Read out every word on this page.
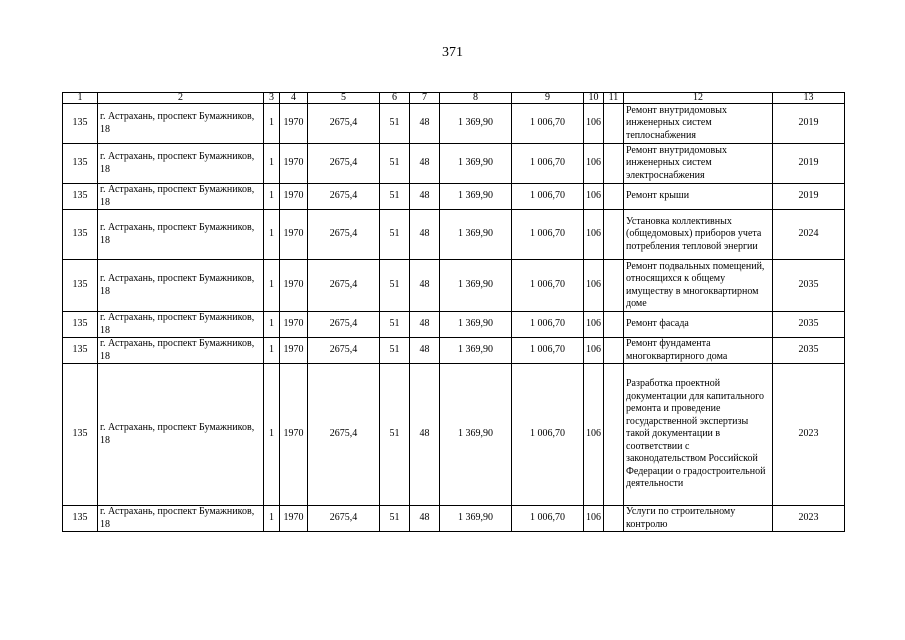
371
1	2	3	4	5	6	7	8	9	10	11	12	13
135	г. Астрахань, проспект Бумажников, 18	1	1970	2675,4	51	48	1 369,90	1 006,70	106		Ремонт внутридомовых инженерных систем теплоснабжения	2019
135	г. Астрахань, проспект Бумажников, 18	1	1970	2675,4	51	48	1 369,90	1 006,70	106		Ремонт внутридомовых инженерных систем электроснабжения	2019
135	г. Астрахань, проспект Бумажников, 18	1	1970	2675,4	51	48	1 369,90	1 006,70	106		Ремонт крыши	2019
135	г. Астрахань, проспект Бумажников, 18	1	1970	2675,4	51	48	1 369,90	1 006,70	106		Установка коллективных (общедомовых) приборов учета потребления тепловой энергии	2024
135	г. Астрахань, проспект Бумажников, 18	1	1970	2675,4	51	48	1 369,90	1 006,70	106		Ремонт подвальных помещений, относящихся к общему имуществу в многоквартирном доме	2035
135	г. Астрахань, проспект Бумажников, 18	1	1970	2675,4	51	48	1 369,90	1 006,70	106		Ремонт фасада	2035
135	г. Астрахань, проспект Бумажников, 18	1	1970	2675,4	51	48	1 369,90	1 006,70	106		Ремонт фундамента многоквартирного дома	2035
135	г. Астрахань, проспект Бумажников, 18	1	1970	2675,4	51	48	1 369,90	1 006,70	106		Разработка проектной документации для капитального ремонта и проведение государственной экспертизы такой документации в соответствии с законодательством Российской Федерации о градостроительной деятельности	2023
135	г. Астрахань, проспект Бумажников, 18	1	1970	2675,4	51	48	1 369,90	1 006,70	106		Услуги по строительному контролю	2023
